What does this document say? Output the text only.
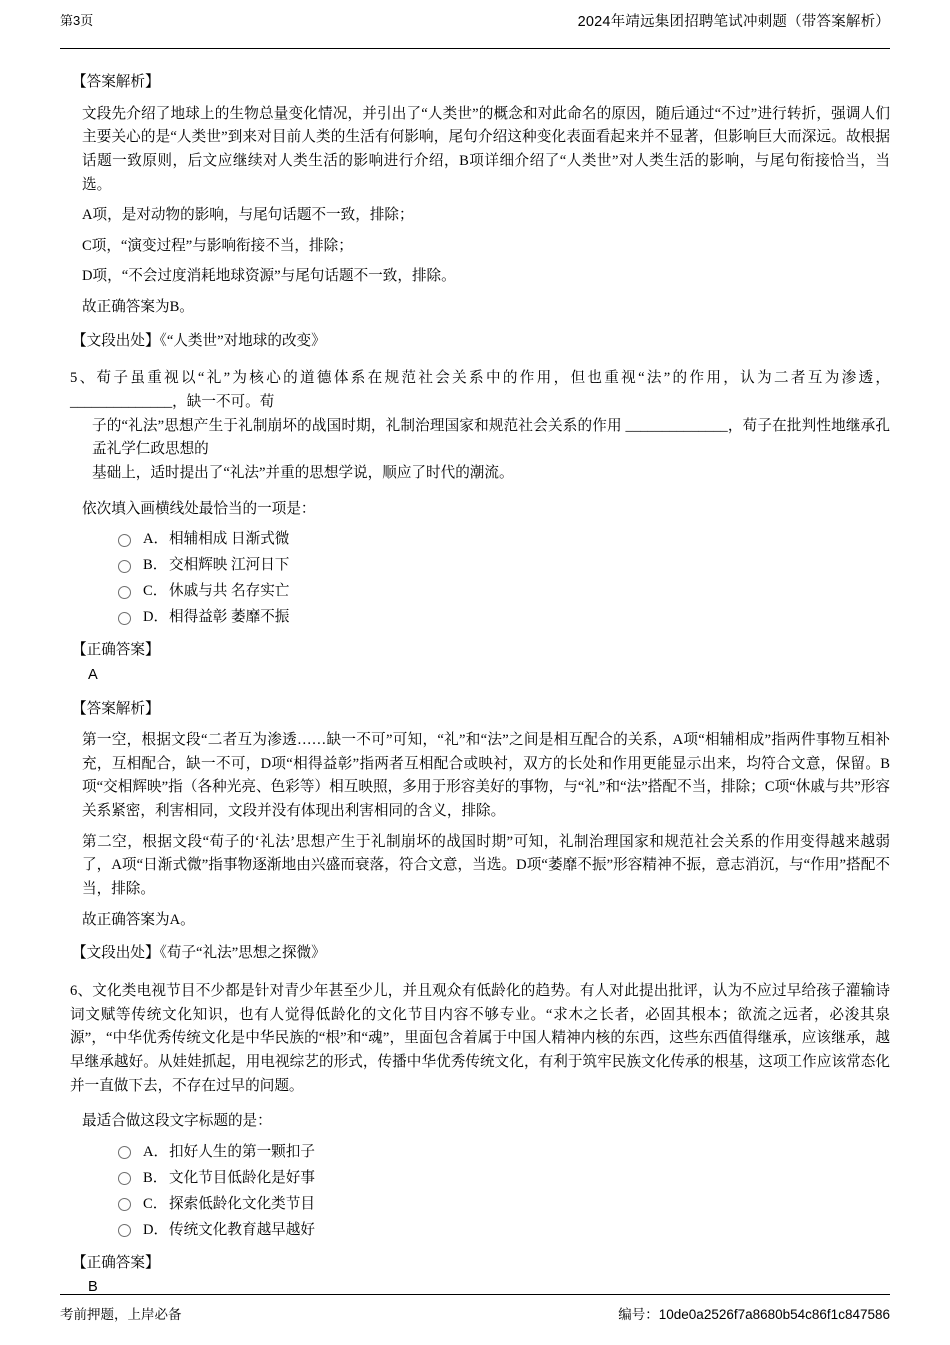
第3页	2024年靖远集团招聘笔试冲刺题（带答案解析）
【答案解析】
文段先介绍了地球上的生物总量变化情况，并引出了“人类世”的概念和对此命名的原因，随后通过“不过”进行转折，强调人们主要关心的是“人类世”到来对目前人类的生活有何影响，尾句介绍这种变化表面看起来并不显著，但影响巨大而深远。故根据话题一致原则，后文应继续对人类生活的影响进行介绍，B项详细介绍了“人类世”对人类生活的影响，与尾句衔接恰当，当选。
A项，是对动物的影响，与尾句话题不一致，排除；
C项，“演变过程”与影响衔接不当，排除；
D项，“不会过度消耗地球资源”与尾句话题不一致，排除。
故正确答案为B。
【文段出处】《“人类世”对地球的改变》
5、荀子虽重视以“礼”为核心的道德体系在规范社会关系中的作用，但也重视“法”的作用，认为二者互为渗透，______________，缺一不可。荀
子的“礼法”思想产生于礼制崩坏的战国时期，礼制治理国家和规范社会关系的作用 ______________，荀子在批判性地继承孔孟礼学仁政思想的
基础上，适时提出了“礼法”并重的思想学说，顺应了时代的潮流。
依次填入画横线处最恰当的一项是：
A． 相辅相成 日渐式微
B． 交相辉映 江河日下
C． 休戚与共 名存实亡
D． 相得益彰 萎靡不振
【正确答案】
A
【答案解析】
第一空，根据文段“二者互为渗透……缺一不可”可知，“礼”和“法”之间是相互配合的关系，A项“相辅相成”指两件事物互相补充，互相配合，缺一不可，D项“相得益彰”指两者互相配合或映衬，双方的长处和作用更能显示出来，均符合文意，保留。B项“交相辉映”指（各种光亮、色彩等）相互映照，多用于形容美好的事物，与“礼”和“法”搭配不当，排除；C项“休戚与共”形容关系紧密，利害相同，文段并没有体现出利害相同的含义，排除。
第二空，根据文段“荀子的‘礼法’思想产生于礼制崩坏的战国时期”可知，礼制治理国家和规范社会关系的作用变得越来越弱了，A项“日渐式微”指事物逐渐地由兴盛而衰落，符合文意，当选。D项“萎靡不振”形容精神不振，意志消沉，与“作用”搭配不当，排除。
故正确答案为A。
【文段出处】《荀子“礼法”思想之探微》
6、文化类电视节目不少都是针对青少年甚至少儿，并且观众有低龄化的趋势。有人对此提出批评，认为不应过早给孩子灌输诗词文赋等传统文化知识，也有人觉得低龄化的文化节目内容不够专业。“求木之长者，必固其根本；欲流之远者，必浚其泉源”，“中华优秀传统文化是中华民族的“根”和“魂”，里面包含着属于中国人精神内核的东西，这些东西值得继承，应该继承，越早继承越好。从娃娃抓起，用电视综艺的形式，传播中华优秀传统文化，有利于筑牢民族文化传承的根基，这项工作应该常态化并一直做下去，不存在过早的问题。
最适合做这段文字标题的是：
A． 扣好人生的第一颗扣子
B． 文化节目低龄化是好事
C． 探索低龄化文化类节目
D． 传统文化教育越早越好
【正确答案】
B
考前押题，上岸必备	编号：10de0a2526f7a8680b54c86f1c847586
